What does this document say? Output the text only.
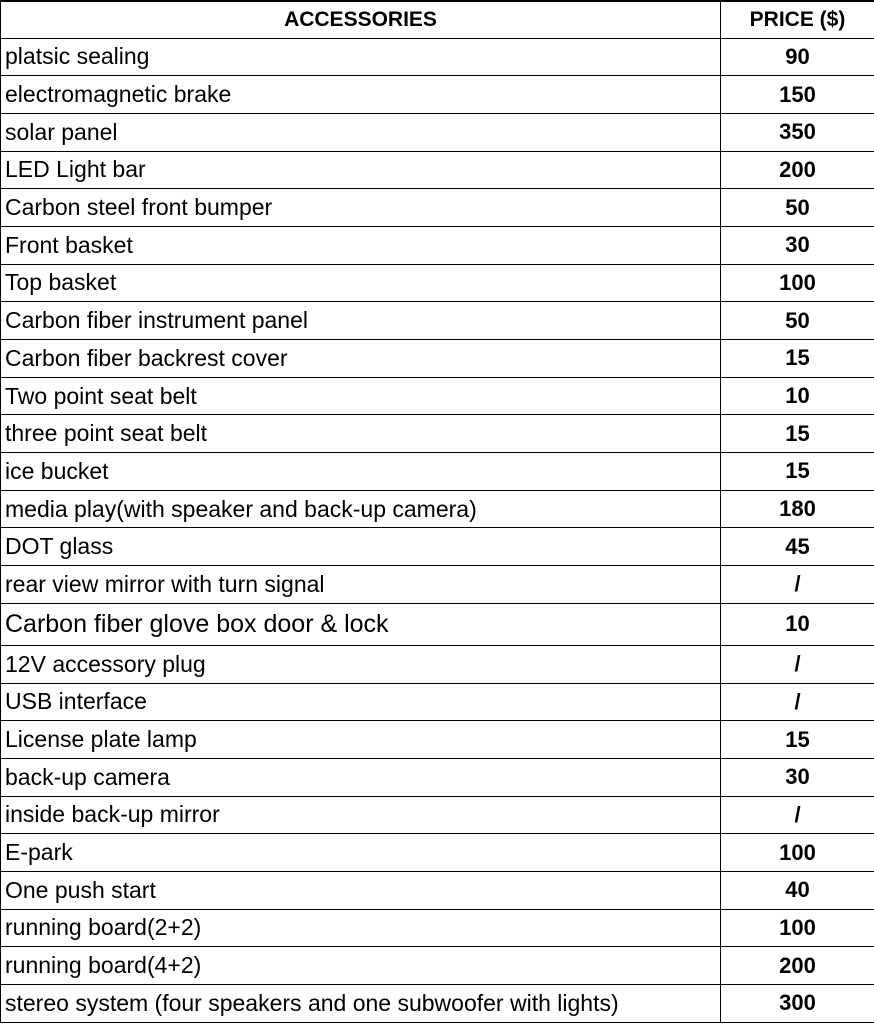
ACCESSORIES	PRICE ($)
platsic sealing	90
electromagnetic brake	150
solar panel	350
LED Light bar	200
Carbon steel front bumper	50
Front basket	30
Top basket	100
Carbon fiber instrument panel	50
Carbon fiber backrest cover	15
Two point seat belt	10
three point seat belt	15
ice bucket	15
media play(with speaker and back-up camera)	180
DOT glass	45
rear view mirror with turn signal	/
Carbon fiber glove box door & lock	10
12V accessory plug	/
USB interface	/
License plate lamp	15
back-up camera	30
inside back-up mirror	/
E-park	100
One push start	40
running board(2+2)	100
running board(4+2)	200
stereo system (four speakers and one subwoofer with lights)	300
